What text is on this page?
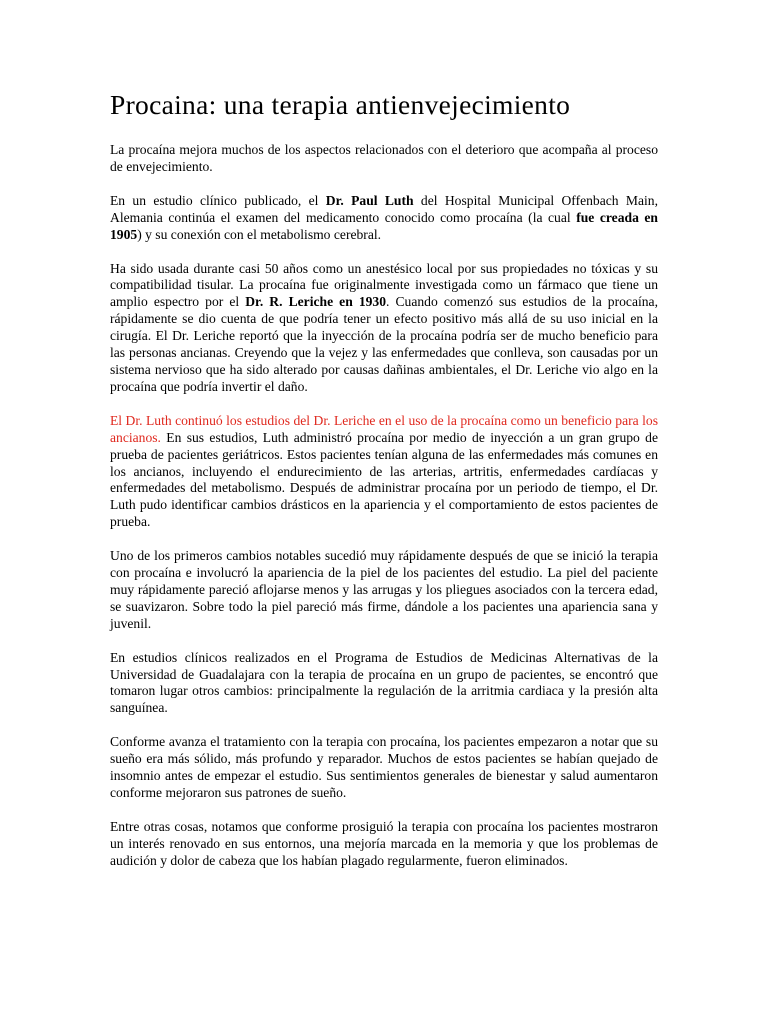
Procaina: una terapia antienvejecimiento

La procaína mejora muchos de los aspectos relacionados con el deterioro que acompaña al proceso de envejecimiento.

En un estudio clínico publicado, el Dr. Paul Luth del Hospital Municipal Offenbach Main, Alemania continúa el examen del medicamento conocido como procaína (la cual fue creada en 1905) y su conexión con el metabolismo cerebral.

Ha sido usada durante casi 50 años como un anestésico local por sus propiedades no tóxicas y su compatibilidad tisular. La procaína fue originalmente investigada como un fármaco que tiene un amplio espectro por el Dr. R. Leriche en 1930. Cuando comenzó sus estudios de la procaína, rápidamente se dio cuenta de que podría tener un efecto positivo más allá de su uso inicial en la cirugía. El Dr. Leriche reportó que la inyección de la procaína podría ser de mucho beneficio para las personas ancianas. Creyendo que la vejez y las enfermedades que conlleva, son causadas por un sistema nervioso que ha sido alterado por causas dañinas ambientales, el Dr. Leriche vio algo en la procaína que podría invertir el daño.

El Dr. Luth continuó los estudios del Dr. Leriche en el uso de la procaína como un beneficio para los ancianos. En sus estudios, Luth administró procaína por medio de inyección a un gran grupo de prueba de pacientes geriátricos. Estos pacientes tenían alguna de las enfermedades más comunes en los ancianos, incluyendo el endurecimiento de las arterias, artritis, enfermedades cardíacas y enfermedades del metabolismo. Después de administrar procaína por un periodo de tiempo, el Dr. Luth pudo identificar cambios drásticos en la apariencia y el comportamiento de estos pacientes de prueba.

Uno de los primeros cambios notables sucedió muy rápidamente después de que se inició la terapia con procaína e involucró la apariencia de la piel de los pacientes del estudio. La piel del paciente muy rápidamente pareció aflojarse menos y las arrugas y los pliegues asociados con la tercera edad, se suavizaron. Sobre todo la piel pareció más firme, dándole a los pacientes una apariencia sana y juvenil.

En estudios clínicos realizados en el Programa de Estudios de Medicinas Alternativas de la Universidad de Guadalajara con la terapia de procaína en un grupo de pacientes, se encontró que tomaron lugar otros cambios: principalmente la regulación de la arritmia cardiaca y la presión alta sanguínea.

Conforme avanza el tratamiento con la terapia con procaína, los pacientes empezaron a notar que su sueño era más sólido, más profundo y reparador. Muchos de estos pacientes se habían quejado de insomnio antes de empezar el estudio. Sus sentimientos generales de bienestar y salud aumentaron conforme mejoraron sus patrones de sueño.

Entre otras cosas, notamos que conforme prosiguió la terapia con procaína los pacientes mostraron un interés renovado en sus entornos, una mejoría marcada en la memoria y que los problemas de audición y dolor de cabeza que los habían plagado regularmente, fueron eliminados.
